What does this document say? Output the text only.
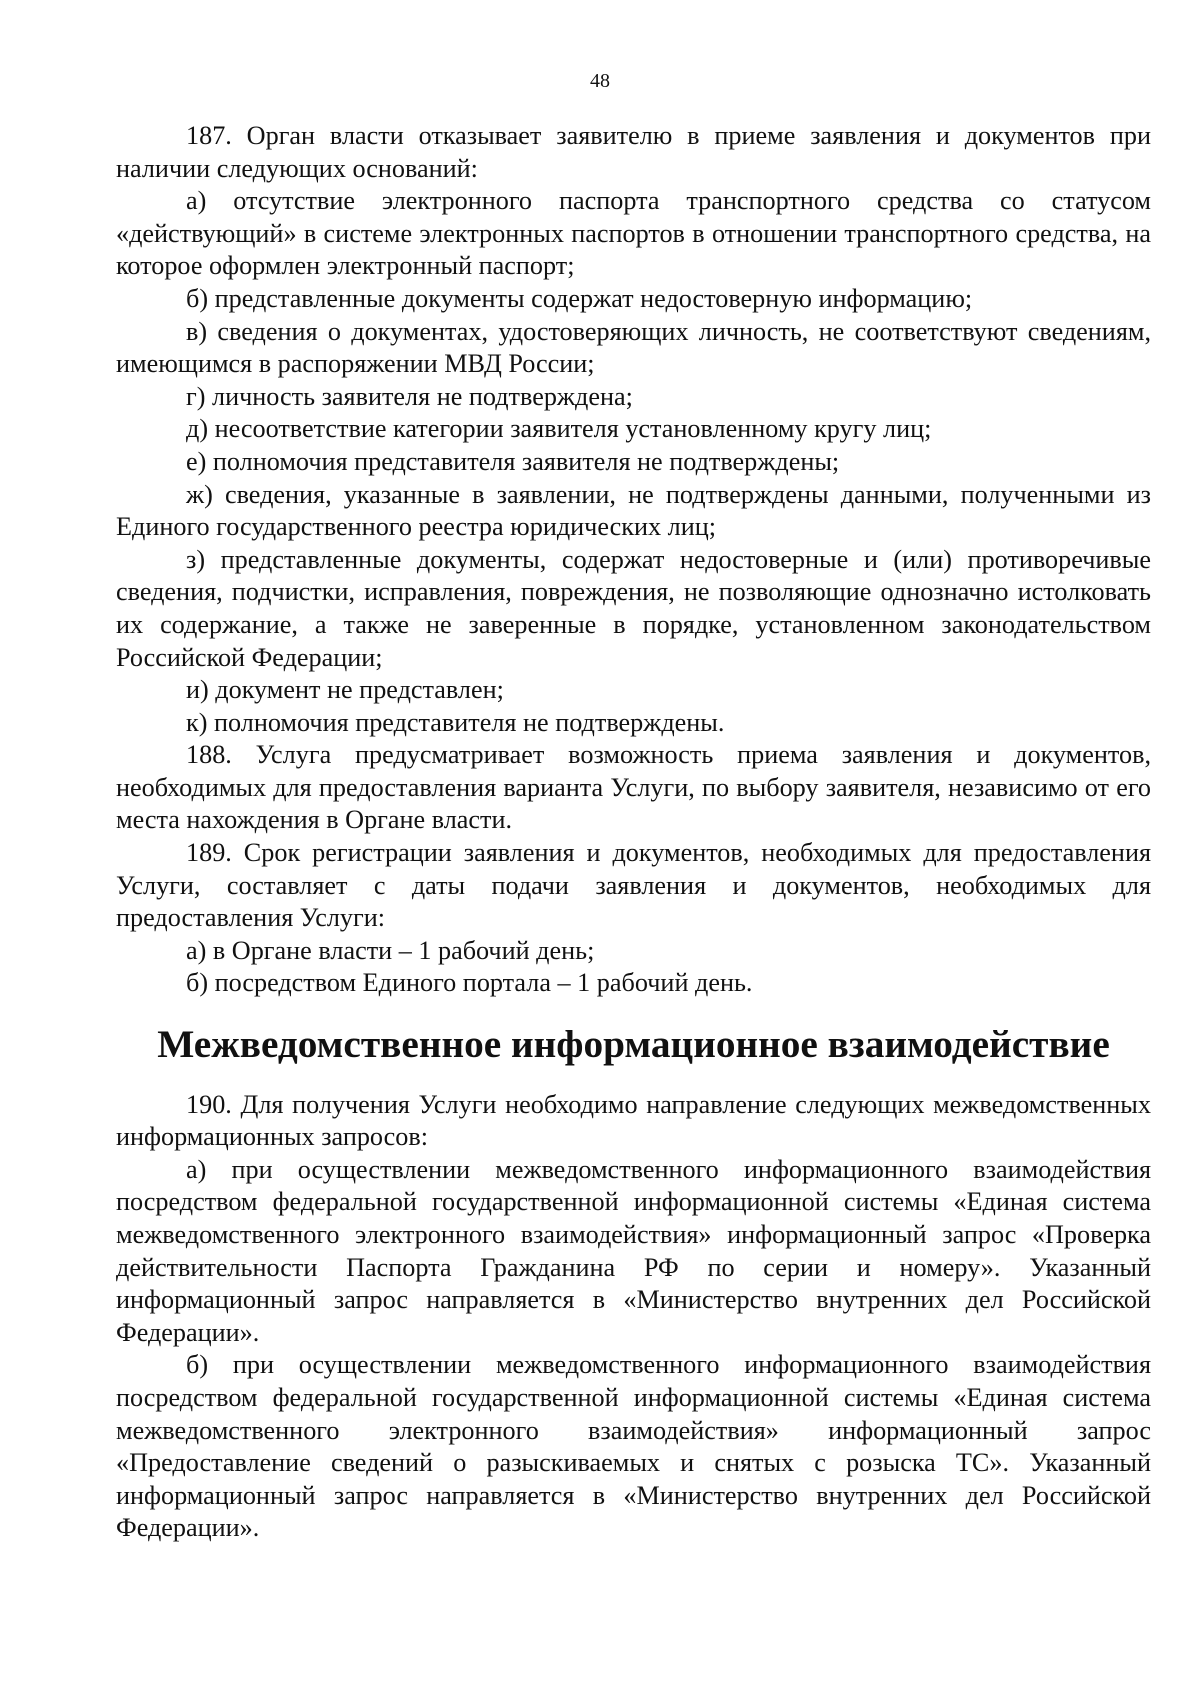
48

187. Орган власти отказывает заявителю в приеме заявления и документов при наличии следующих оснований:

а) отсутствие электронного паспорта транспортного средства со статусом «действующий» в системе электронных паспортов в отношении транспортного средства, на которое оформлен электронный паспорт;

б) представленные документы содержат недостоверную информацию;

в) сведения о документах, удостоверяющих личность, не соответствуют сведениям, имеющимся в распоряжении МВД России;

г) личность заявителя не подтверждена;

д) несоответствие категории заявителя установленному кругу лиц;

е) полномочия представителя заявителя не подтверждены;

ж) сведения, указанные в заявлении, не подтверждены данными, полученными из Единого государственного реестра юридических лиц;

з) представленные документы, содержат недостоверные и (или) противоречивые сведения, подчистки, исправления, повреждения, не позволяющие однозначно истолковать их содержание, а также не заверенные в порядке, установленном законодательством Российской Федерации;

и) документ не представлен;

к) полномочия представителя не подтверждены.

188. Услуга предусматривает возможность приема заявления и документов, необходимых для предоставления варианта Услуги, по выбору заявителя, независимо от его места нахождения в Органе власти.

189. Срок регистрации заявления и документов, необходимых для предоставления Услуги, составляет с даты подачи заявления и документов, необходимых для предоставления Услуги:

а) в Органе власти – 1 рабочий день;

б) посредством Единого портала – 1 рабочий день.

Межведомственное информационное взаимодействие

190. Для получения Услуги необходимо направление следующих межведомственных информационных запросов:

а) при осуществлении межведомственного информационного взаимодействия посредством федеральной государственной информационной системы «Единая система межведомственного электронного взаимодействия» информационный запрос «Проверка действительности Паспорта Гражданина РФ по серии и номеру». Указанный информационный запрос направляется в «Министерство внутренних дел Российской Федерации».

б) при осуществлении межведомственного информационного взаимодействия посредством федеральной государственной информационной системы «Единая система межведомственного электронного взаимодействия» информационный запрос «Предоставление сведений о разыскиваемых и снятых с розыска ТС». Указанный информационный запрос направляется в «Министерство внутренних дел Российской Федерации».
